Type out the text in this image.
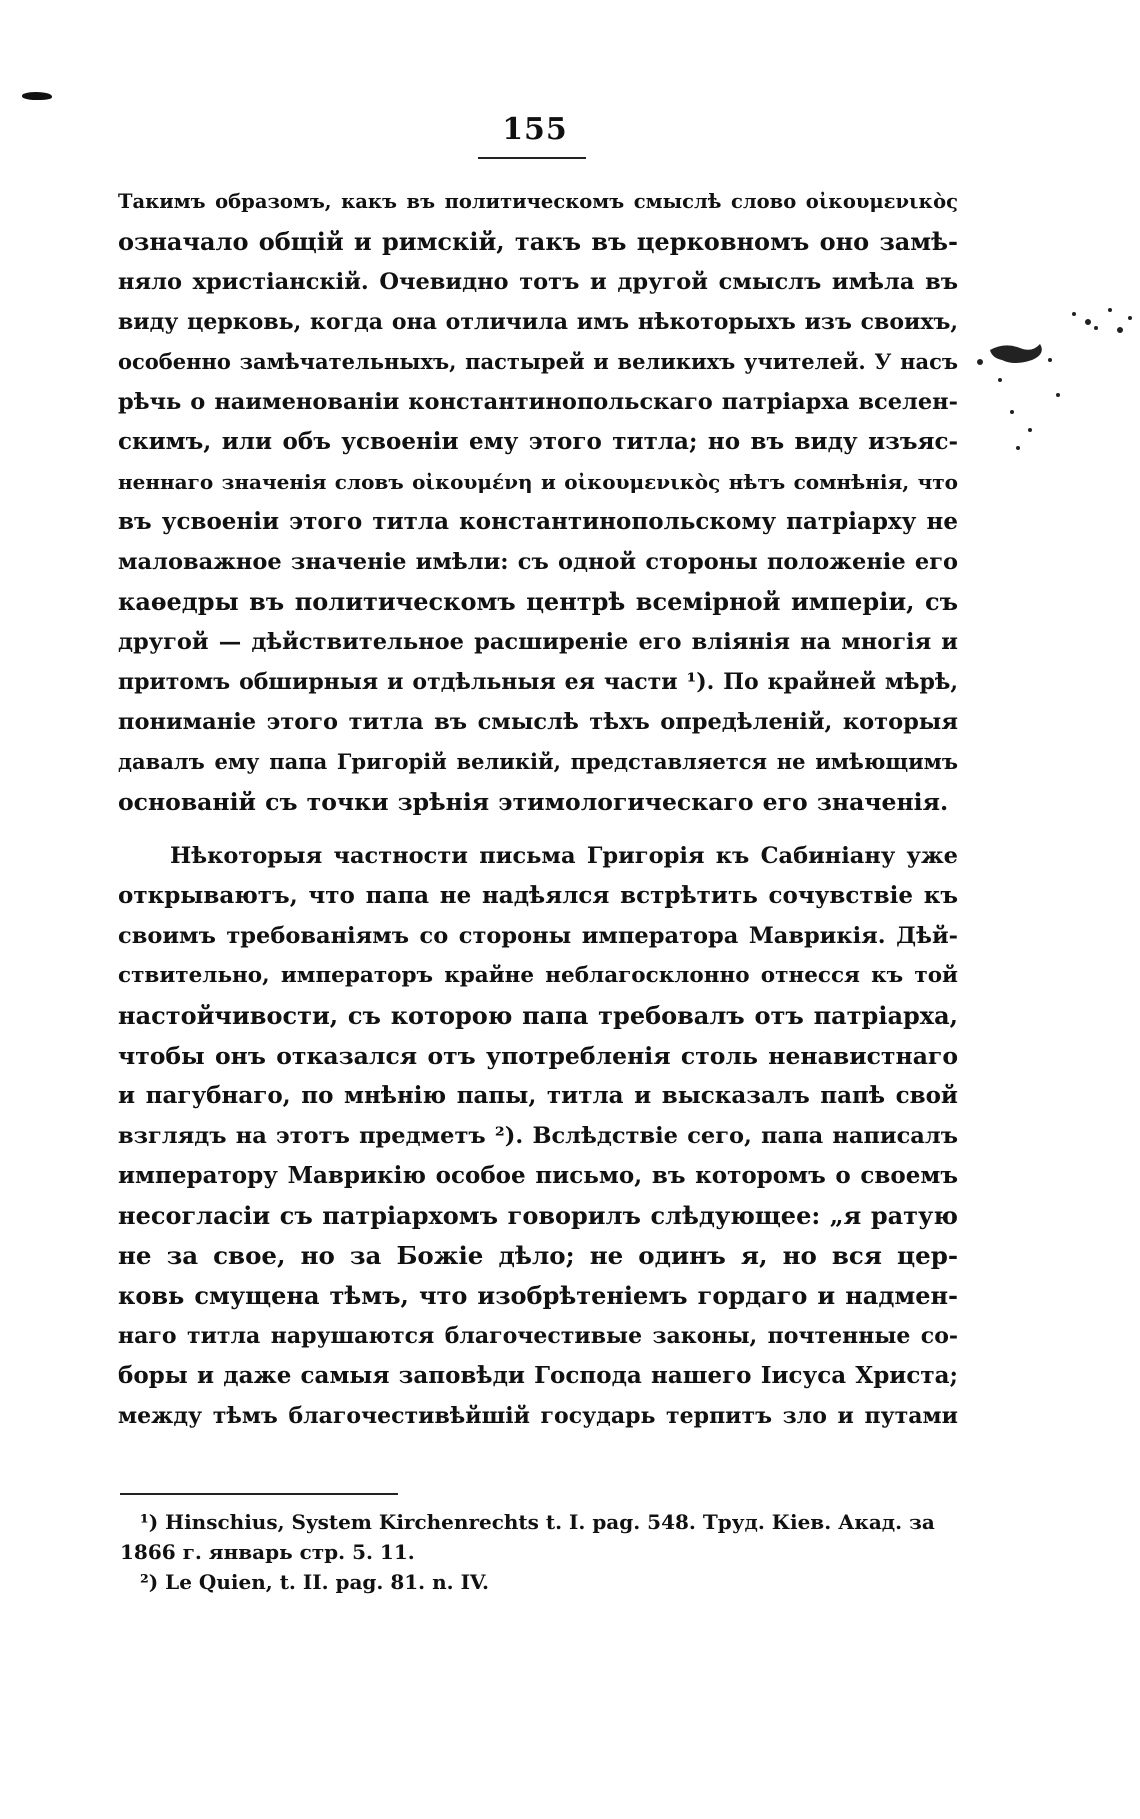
155
Такимъ образомъ, какъ въ политическомъ смыслѣ слово οἰκουμενικὸς
означало общій и римскій, такъ въ церковномъ оно замѣ-
няло христіанскій. Очевидно тотъ и другой смыслъ имѣла въ
виду церковь, когда она отличила имъ нѣкоторыхъ изъ своихъ,
особенно замѣчательныхъ, пастырей и великихъ учителей. У насъ
рѣчь о наименованіи константинопольскаго патріарха вселен-
скимъ, или объ усвоеніи ему этого титла; но въ виду изъяс-
неннаго значенія словъ οἰκουμένη и οἰκουμενικὸς нѣтъ сомнѣнія, что
въ усвоеніи этого титла константинопольскому патріарху не
маловажное значеніе имѣли: съ одной стороны положеніе его
каѳедры въ политическомъ центрѣ всемірной имперіи, съ
другой — дѣйствительное расширеніе его вліянія на многія и
притомъ обширныя и отдѣльныя ея части ¹). По крайней мѣрѣ,
пониманіе этого титла въ смыслѣ тѣхъ опредѣленій, которыя
давалъ ему папа Григорій великій, представляется не имѣющимъ
основаній съ точки зрѣнія этимологическаго его значенія.
Нѣкоторыя частности письма Григорія къ Сабиніану уже
открываютъ, что папа не надѣялся встрѣтить сочувствіе къ
своимъ требованіямъ со стороны императора Маврикія. Дѣй-
ствительно, императоръ крайне неблагосклонно отнесся къ той
настойчивости, съ которою папа требовалъ отъ патріарха,
чтобы онъ отказался отъ употребленія столь ненавистнаго
и пагубнаго, по мнѣнію папы, титла и высказалъ папѣ свой
взглядъ на этотъ предметъ ²). Вслѣдствіе сего, папа написалъ
императору Маврикію особое письмо, въ которомъ о своемъ
несогласіи съ патріархомъ говорилъ слѣдующее: „я ратую
не за свое, но за Божіе дѣло; не одинъ я, но вся цер-
ковь смущена тѣмъ, что изобрѣтеніемъ гордаго и надмен-
наго титла нарушаются благочестивые законы, почтенные со-
боры и даже самыя заповѣди Господа нашего Іисуса Христа;
между тѣмъ благочестивѣйшій государь терпитъ зло и путами
¹) Hinschius, System Kirchenrechts t. I. pag. 548. Труд. Кіев. Акад. за
1866 г. январь стр. 5. 11.
²) Le Quien, t. II. pag. 81. n. IV.
